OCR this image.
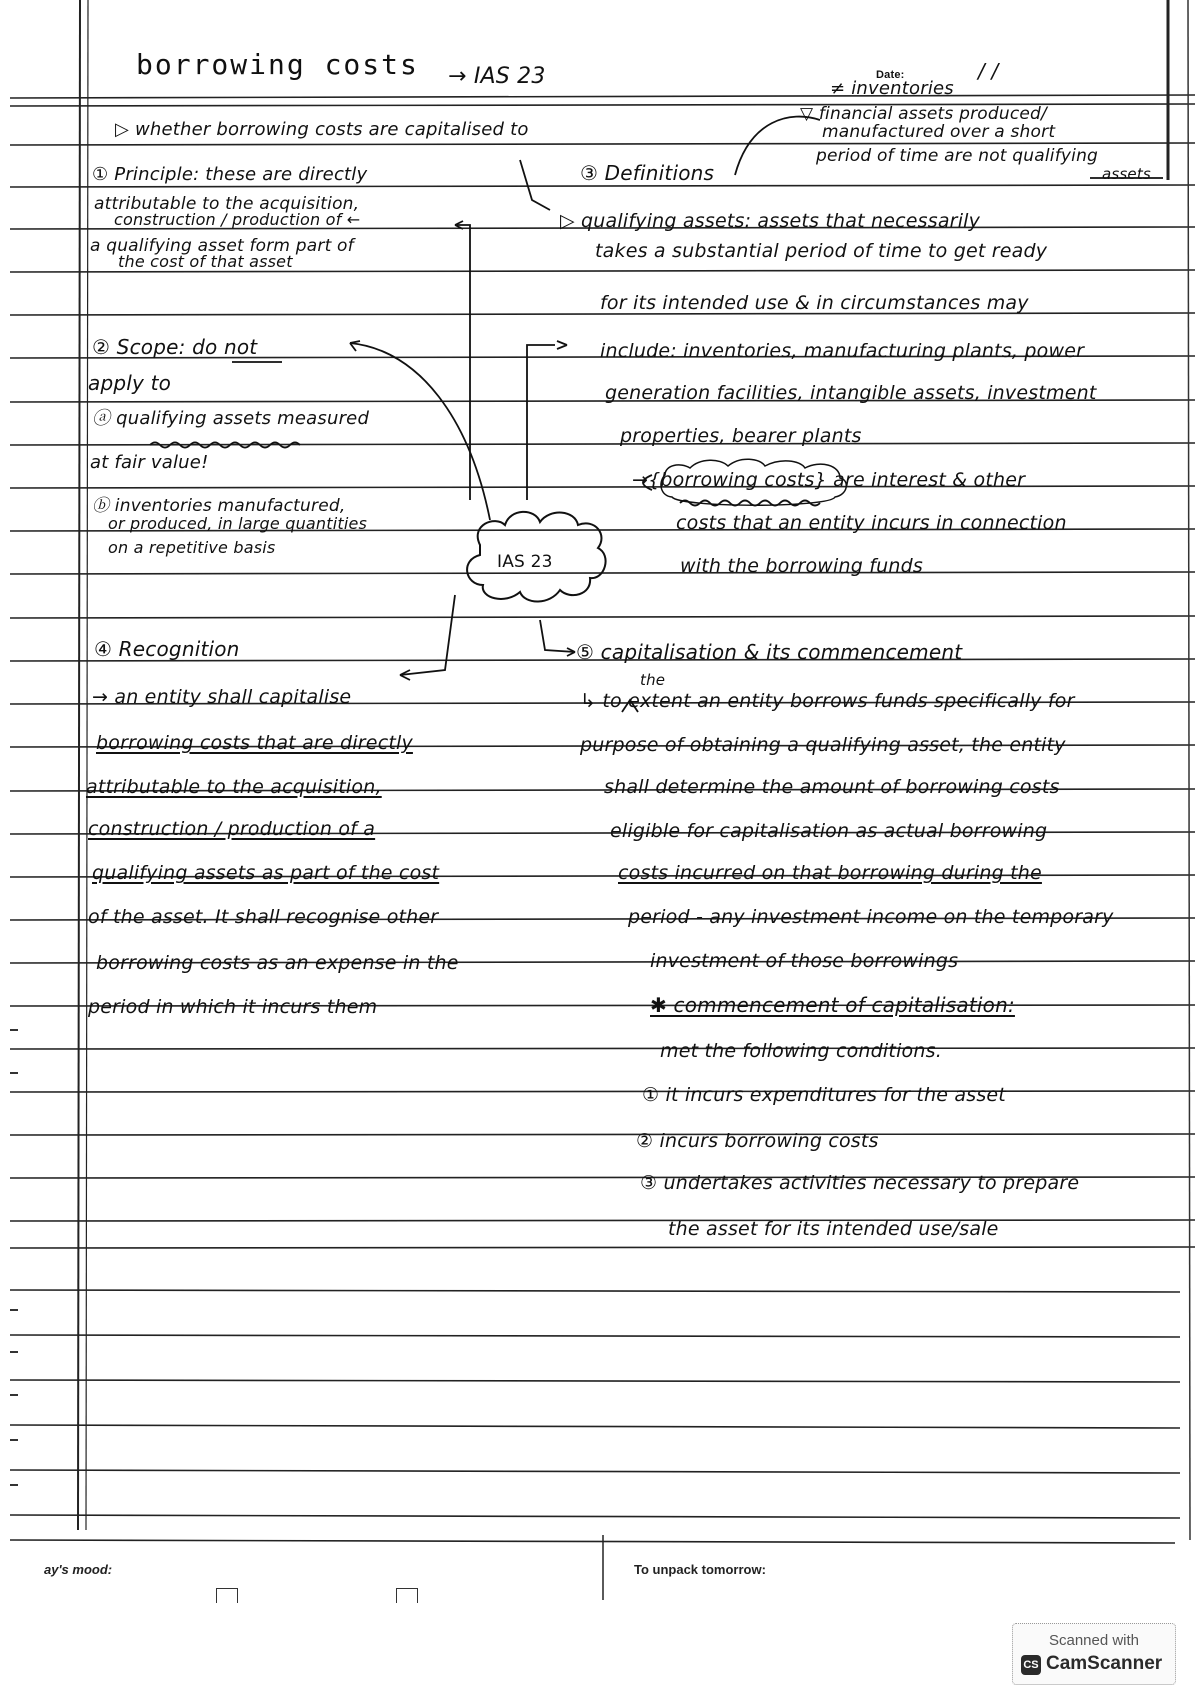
borrowing costs → IAS 23	Date:	/ /
≠ inventories
▽ financial assets produced/
manufactured over a short
period of time are not qualifying
assets
▷ whether borrowing costs are capitalised to
① Principle: these are directly
attributable to the acquisition,
construction / production of ←
a qualifying asset form part of
the cost of that asset
② Scope: do not
apply to
ⓐ qualifying assets measured
at fair value!
ⓑ inventories manufactured,
or produced, in large quantities
on a repetitive basis
③ Definitions
▷ qualifying assets: assets that necessarily
takes a substantial period of time to get ready
for its intended use & in circumstances may
include: inventories, manufacturing plants, power
generation facilities, intangible assets, investment
properties, bearer plants
→{borrowing costs} are interest & other
costs that an entity incurs in connection
with the borrowing funds
IAS 23
④ Recognition
→ an entity shall capitalise
borrowing costs that are directly
attributable to the acquisition,
construction / production of a
qualifying assets as part of the cost
of the asset. It shall recognise other
borrowing costs as an expense in the
period in which it incurs them
⑤ capitalisation & its commencement
the
↳ to extent an entity borrows funds specifically for
purpose of obtaining a qualifying asset, the entity
shall determine the amount of borrowing costs
eligible for capitalisation as actual borrowing
costs incurred on that borrowing during the
period - any investment income on the temporary
investment of those borrowings
✱ commencement of capitalisation:
met the following conditions.
① it incurs expenditures for the asset
② incurs borrowing costs
③ undertakes activities necessary to prepare
the asset for its intended use/sale
ay's mood:	To unpack tomorrow:
Scanned with
CS CamScanner
